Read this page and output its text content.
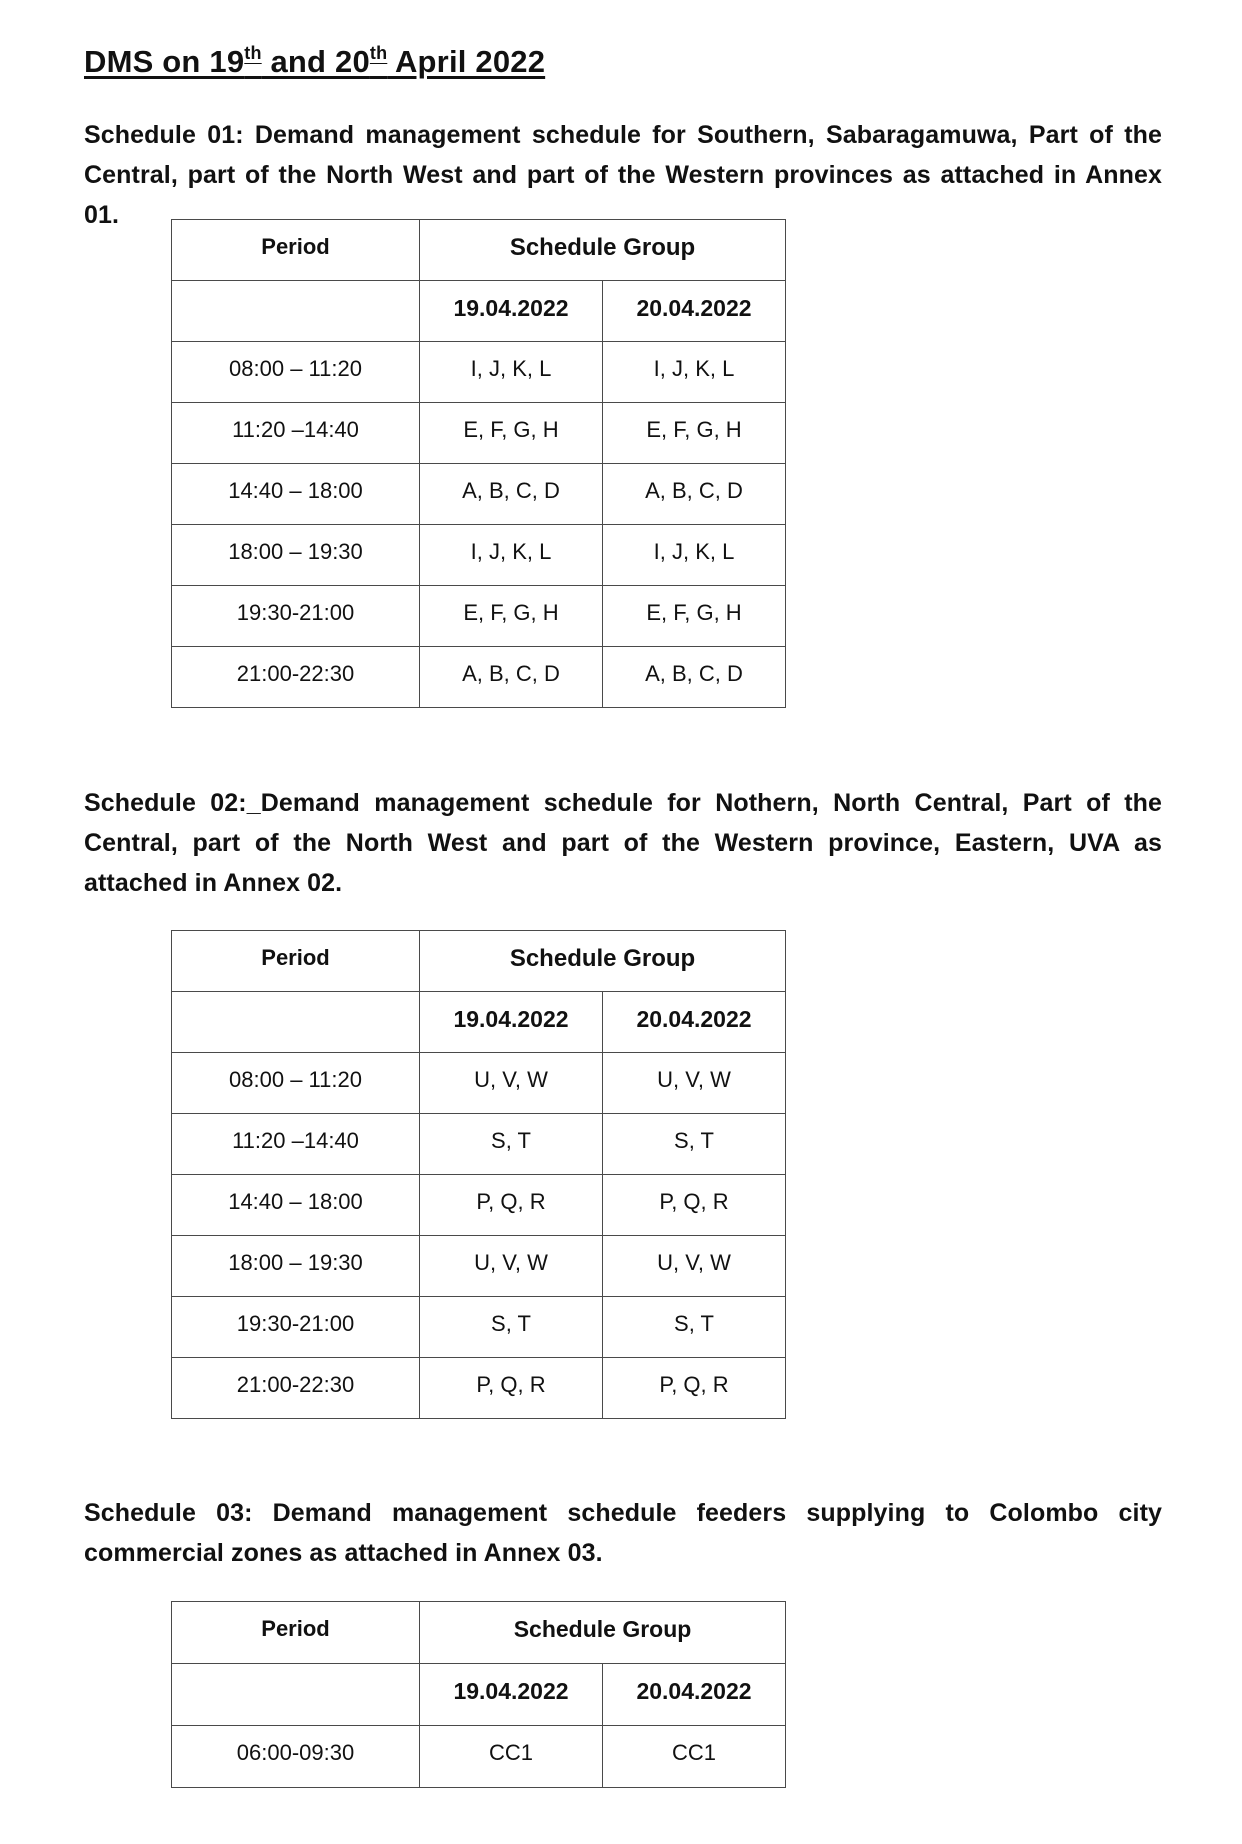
DMS on 19th and 20th April 2022
Schedule 01: Demand management schedule for Southern, Sabaragamuwa, Part of the Central, part of the North West and part of the Western provinces as attached in Annex 01.
Period	Schedule Group	
	19.04.2022	20.04.2022
08:00 – 11:20	I, J, K, L	I, J, K, L
11:20 –14:40	E, F, G, H	E, F, G, H
14:40 – 18:00	A, B, C, D	A, B, C, D
18:00 – 19:30	I, J, K, L	I, J, K, L
19:30-21:00	E, F, G, H	E, F, G, H
21:00-22:30	A, B, C, D	A, B, C, D
Schedule 02:_Demand management schedule for Nothern, North Central, Part of the Central, part of the North West and part of the Western province, Eastern, UVA as attached in Annex 02.
Period	Schedule Group	
	19.04.2022	20.04.2022
08:00 – 11:20	U, V, W	U, V, W
11:20 –14:40	S, T	S, T
14:40 – 18:00	P, Q, R	P, Q, R
18:00 – 19:30	U, V, W	U, V, W
19:30-21:00	S, T	S, T
21:00-22:30	P, Q, R	P, Q, R
Schedule 03: Demand management schedule feeders supplying to Colombo city commercial zones as attached in Annex 03.
Period	Schedule Group	
	19.04.2022	20.04.2022
06:00-09:30	CC1	CC1
